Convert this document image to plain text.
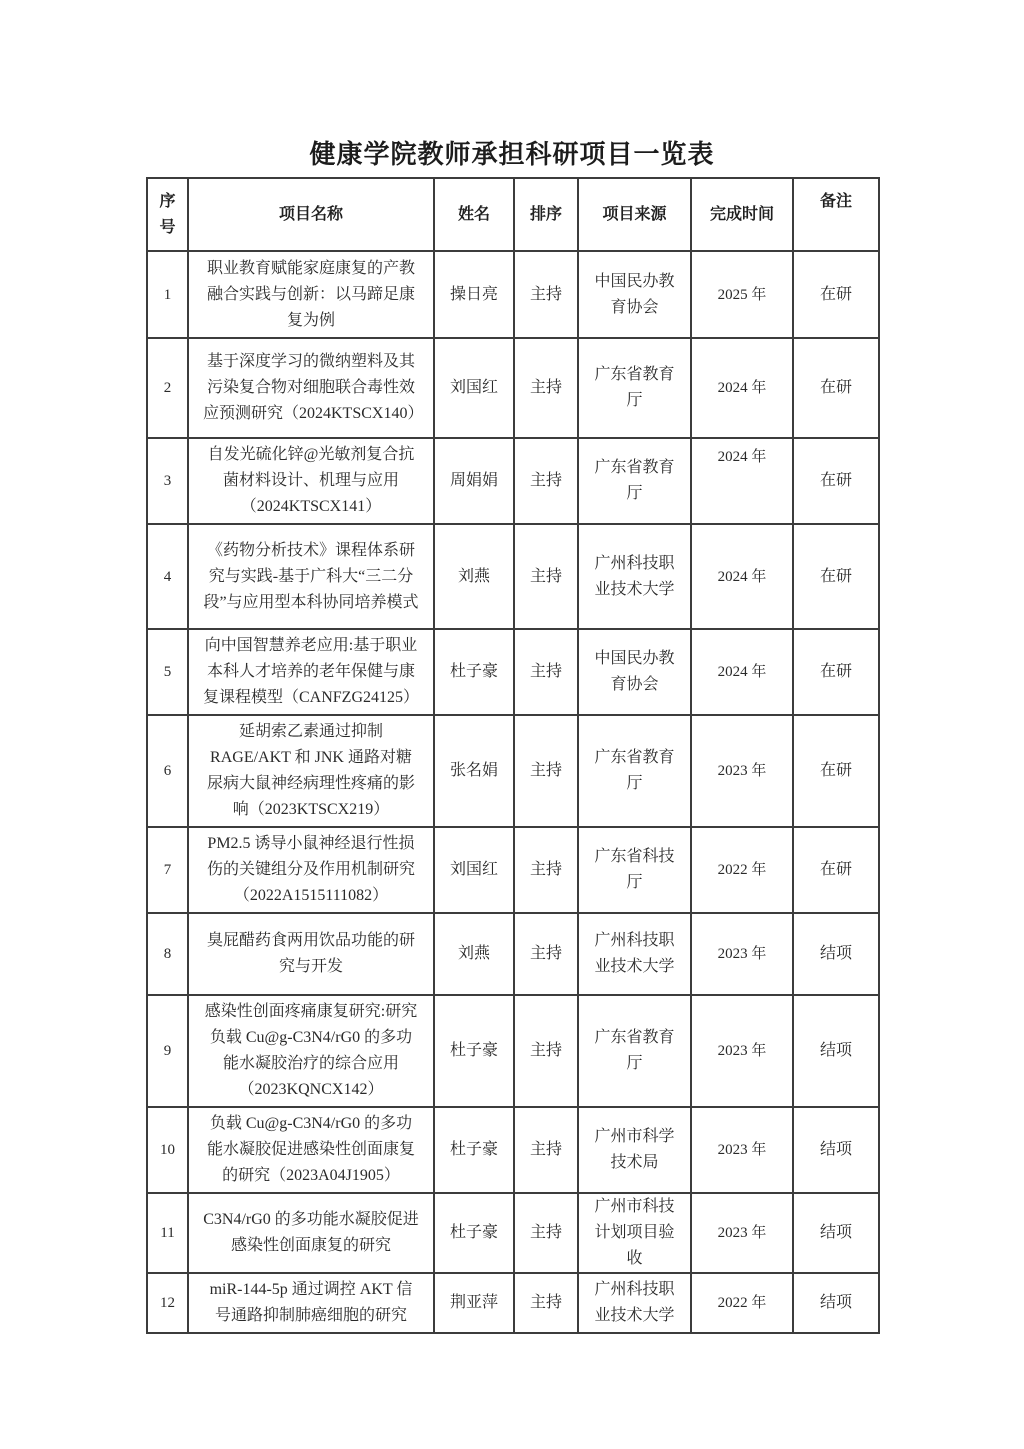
健康学院教师承担科研项目一览表
序号	项目名称	姓名	排序	项目来源	完成时间	备注
1	职业教育赋能家庭康复的产教融合实践与创新：以马蹄足康复为例	操日亮	主持	中国民办教育协会	2025 年	在研
2	基于深度学习的微纳塑料及其污染复合物对细胞联合毒性效应预测研究（2024KTSCX140）	刘国红	主持	广东省教育厅	2024 年	在研
3	自发光硫化锌@光敏剂复合抗菌材料设计、机理与应用（2024KTSCX141）	周娟娟	主持	广东省教育厅	2024 年	在研
4	《药物分析技术》课程体系研究与实践-基于广科大“三二分段”与应用型本科协同培养模式	刘燕	主持	广州科技职业技术大学	2024 年	在研
5	向中国智慧养老应用:基于职业本科人才培养的老年保健与康复课程模型（CANFZG24125）	杜子豪	主持	中国民办教育协会	2024 年	在研
6	延胡索乙素通过抑制RAGE/AKT 和 JNK 通路对糖尿病大鼠神经病理性疼痛的影响（2023KTSCX219）	张名娟	主持	广东省教育厅	2023 年	在研
7	PM2.5 诱导小鼠神经退行性损伤的关键组分及作用机制研究（2022A1515111082）	刘国红	主持	广东省科技厅	2022 年	在研
8	臭屁醋药食两用饮品功能的研究与开发	刘燕	主持	广州科技职业技术大学	2023 年	结项
9	感染性创面疼痛康复研究:研究负载 Cu@g-C3N4/rG0 的多功能水凝胶治疗的综合应用（2023KQNCX142）	杜子豪	主持	广东省教育厅	2023 年	结项
10	负载 Cu@g-C3N4/rG0 的多功能水凝胶促进感染性创面康复的研究（2023A04J1905）	杜子豪	主持	广州市科学技术局	2023 年	结项
11	C3N4/rG0 的多功能水凝胶促进感染性创面康复的研究	杜子豪	主持	广州市科技计划项目验收	2023 年	结项
12	miR-144-5p 通过调控 AKT 信号通路抑制肺癌细胞的研究	荆亚萍	主持	广州科技职业技术大学	2022 年	结项
